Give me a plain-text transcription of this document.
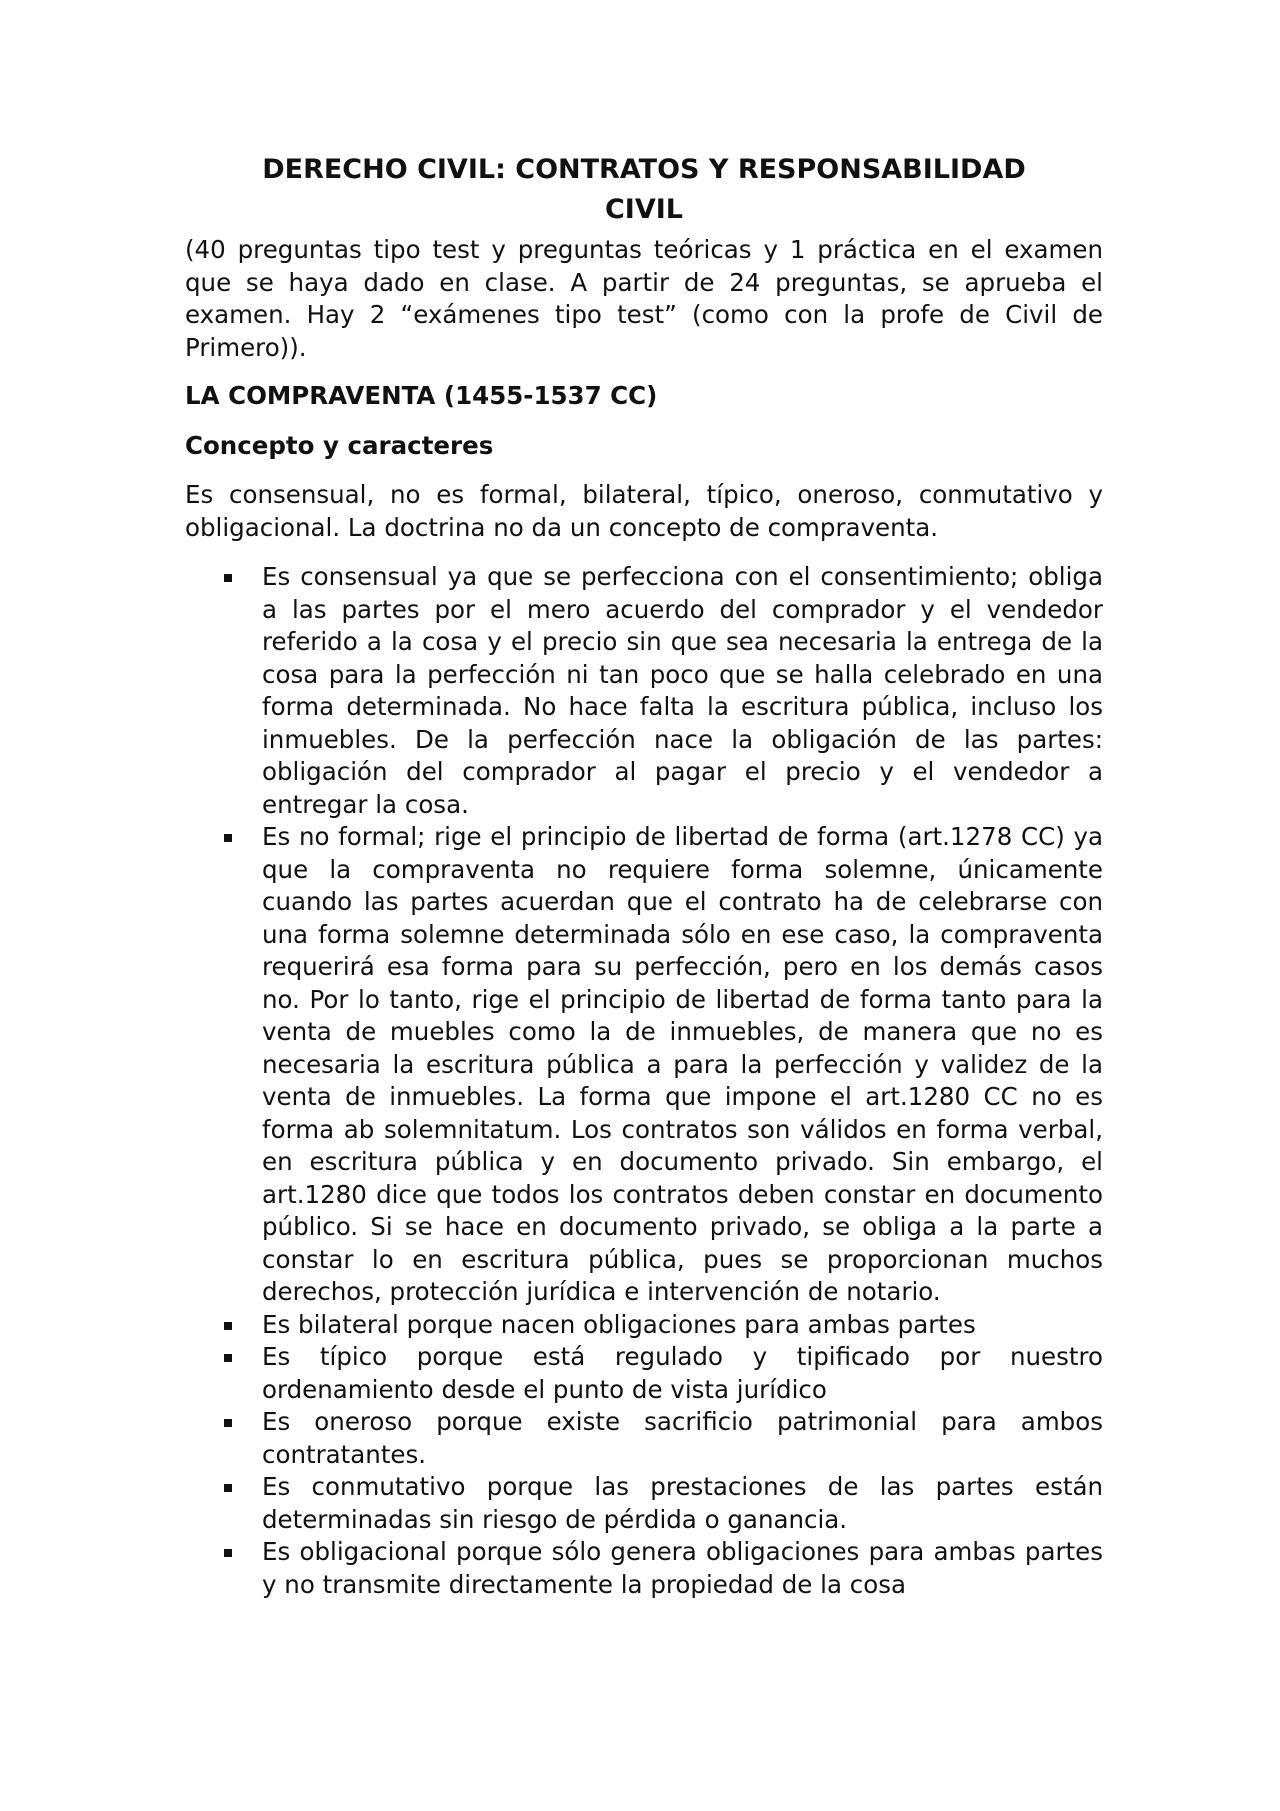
DERECHO CIVIL: CONTRATOS Y RESPONSABILIDAD CIVIL

(40 preguntas tipo test y preguntas teóricas y 1 práctica en el examen que se haya dado en clase. A partir de 24 preguntas, se aprueba el examen. Hay 2 “exámenes tipo test” (como con la profe de Civil de Primero)).

LA COMPRAVENTA (1455-1537 CC)

Concepto y caracteres

Es consensual, no es formal, bilateral, típico, oneroso, conmutativo y obligacional. La doctrina no da un concepto de compraventa.

Es consensual ya que se perfecciona con el consentimiento; obliga a las partes por el mero acuerdo del comprador y el vendedor referido a la cosa y el precio sin que sea necesaria la entrega de la cosa para la perfección ni tan poco que se halla celebrado en una forma determinada. No hace falta la escritura pública, incluso los inmuebles. De la perfección nace la obligación de las partes: obligación del comprador al pagar el precio y el vendedor a entregar la cosa.
Es no formal; rige el principio de libertad de forma (art.1278 CC) ya que la compraventa no requiere forma solemne, únicamente cuando las partes acuerdan que el contrato ha de celebrarse con una forma solemne determinada sólo en ese caso, la compraventa requerirá esa forma para su perfección, pero en los demás casos no. Por lo tanto, rige el principio de libertad de forma tanto para la venta de muebles como la de inmuebles, de manera que no es necesaria la escritura pública a para la perfección y validez de la venta de inmuebles. La forma que impone el art.1280 CC no es forma ab solemnitatum. Los contratos son válidos en forma verbal, en escritura pública y en documento privado. Sin embargo, el art.1280 dice que todos los contratos deben constar en documento público. Si se hace en documento privado, se obliga a la parte a constar lo en escritura pública, pues se proporcionan muchos derechos, protección jurídica e intervención de notario.
Es bilateral porque nacen obligaciones para ambas partes
Es típico porque está regulado y tipificado por nuestro ordenamiento desde el punto de vista jurídico
Es oneroso porque existe sacrificio patrimonial para ambos contratantes.
Es conmutativo porque las prestaciones de las partes están determinadas sin riesgo de pérdida o ganancia.
Es obligacional porque sólo genera obligaciones para ambas partes y no transmite directamente la propiedad de la cosa
